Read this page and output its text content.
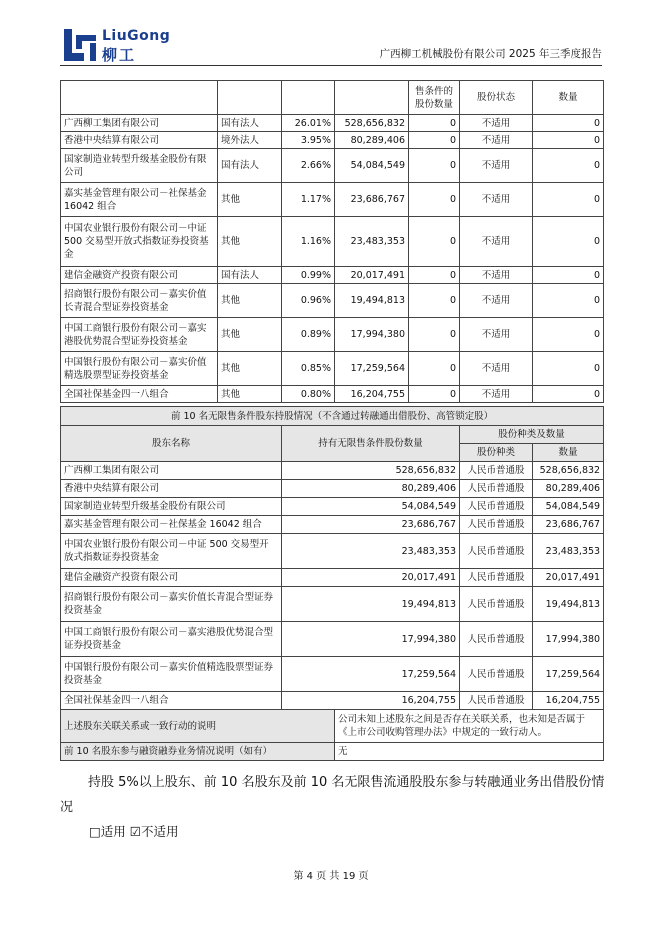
LiuGong
柳工	广西柳工机械股份有限公司 2025 年三季度报告
				售条件的股份数量	股份状态	数量
广西柳工集团有限公司	国有法人	26.01%	528,656,832	0	不适用	0
香港中央结算有限公司	境外法人	3.95%	80,289,406	0	不适用	0
国家制造业转型升级基金股份有限公司	国有法人	2.66%	54,084,549	0	不适用	0
嘉实基金管理有限公司－社保基金 16042 组合	其他	1.17%	23,686,767	0	不适用	0
中国农业银行股份有限公司－中证 500 交易型开放式指数证券投资基金	其他	1.16%	23,483,353	0	不适用	0
建信金融资产投资有限公司	国有法人	0.99%	20,017,491	0	不适用	0
招商银行股份有限公司－嘉实价值长青混合型证券投资基金	其他	0.96%	19,494,813	0	不适用	0
中国工商银行股份有限公司－嘉实港股优势混合型证券投资基金	其他	0.89%	17,994,380	0	不适用	0
中国银行股份有限公司－嘉实价值精选股票型证券投资基金	其他	0.85%	17,259,564	0	不适用	0
全国社保基金四一八组合	其他	0.80%	16,204,755	0	不适用	0
前 10 名无限售条件股东持股情况（不含通过转融通出借股份、高管锁定股）				
股东名称	持有无限售条件股份数量		股份种类及数量	
			股份种类	数量
广西柳工集团有限公司	528,656,832		人民币普通股	528,656,832
香港中央结算有限公司	80,289,406		人民币普通股	80,289,406
国家制造业转型升级基金股份有限公司	54,084,549		人民币普通股	54,084,549
嘉实基金管理有限公司－社保基金 16042 组合	23,686,767		人民币普通股	23,686,767
中国农业银行股份有限公司－中证 500 交易型开放式指数证券投资基金	23,483,353		人民币普通股	23,483,353
建信金融资产投资有限公司	20,017,491		人民币普通股	20,017,491
招商银行股份有限公司－嘉实价值长青混合型证券投资基金	19,494,813		人民币普通股	19,494,813
中国工商银行股份有限公司－嘉实港股优势混合型证券投资基金	17,994,380		人民币普通股	17,994,380
中国银行股份有限公司－嘉实价值精选股票型证券投资基金	17,259,564		人民币普通股	17,259,564
全国社保基金四一八组合	16,204,755		人民币普通股	16,204,755
上述股东关联关系或一致行动的说明		公司未知上述股东之间是否存在关联关系，也未知是否属于《上市公司收购管理办法》中规定的一致行动人。		
前 10 名股东参与融资融券业务情况说明（如有）		无		
持股 5%以上股东、前 10 名股东及前 10 名无限售流通股股东参与转融通业务出借股份情况
□适用 ☑不适用
第 4 页 共 19 页
